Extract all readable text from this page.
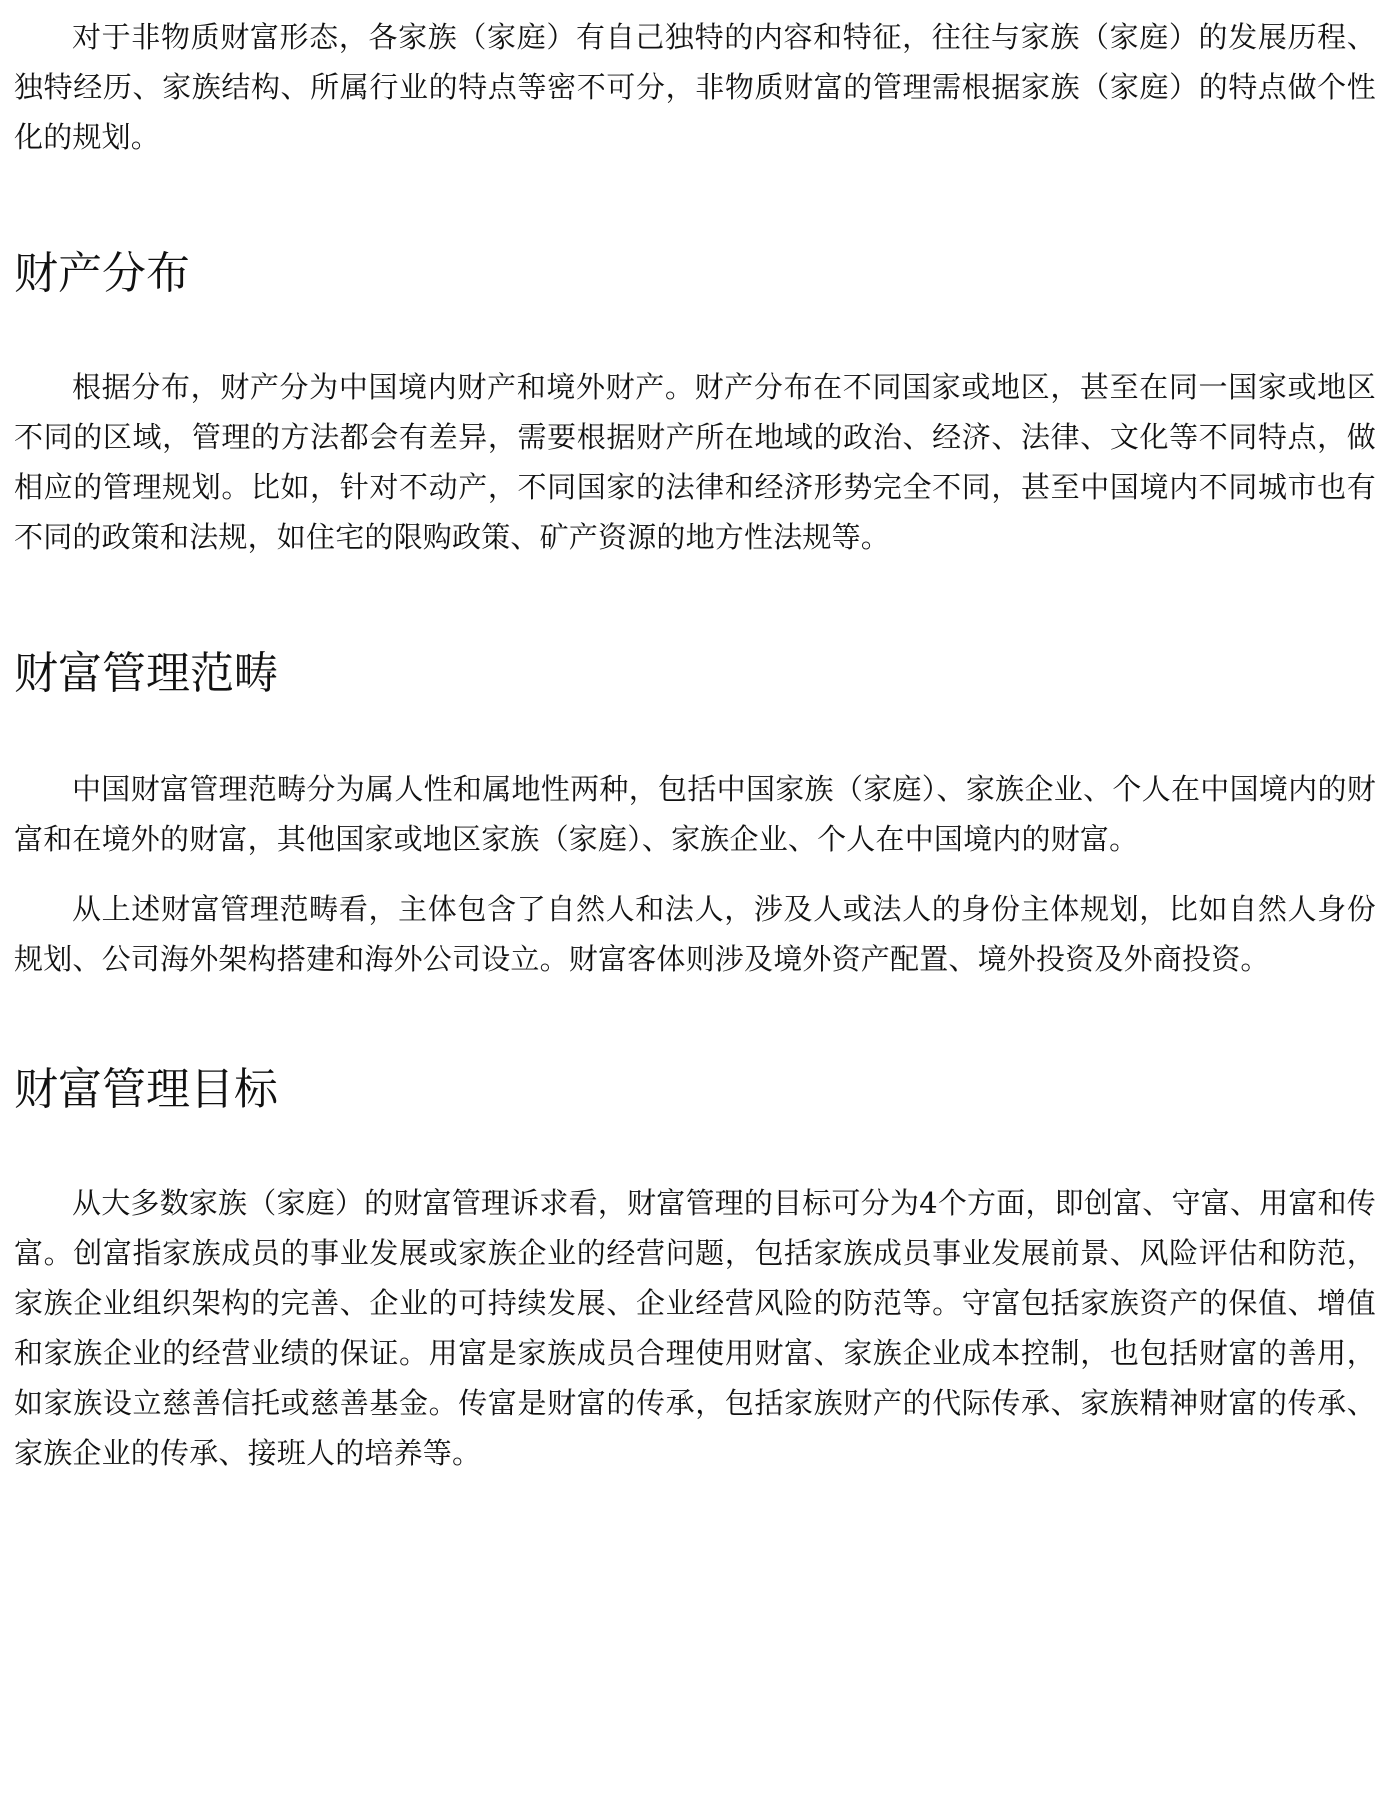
对于非物质财富形态，各家族（家庭）有自己独特的内容和特征，往往与家族（家庭）的发展历程、独特经历、家族结构、所属行业的特点等密不可分，非物质财富的管理需根据家族（家庭）的特点做个性化的规划。

财产分布

根据分布，财产分为中国境内财产和境外财产。财产分布在不同国家或地区，甚至在同一国家或地区不同的区域，管理的方法都会有差异，需要根据财产所在地域的政治、经济、法律、文化等不同特点，做相应的管理规划。比如，针对不动产，不同国家的法律和经济形势完全不同，甚至中国境内不同城市也有不同的政策和法规，如住宅的限购政策、矿产资源的地方性法规等。

财富管理范畴

中国财富管理范畴分为属人性和属地性两种，包括中国家族（家庭）、家族企业、个人在中国境内的财富和在境外的财富，其他国家或地区家族（家庭）、家族企业、个人在中国境内的财富。

从上述财富管理范畴看，主体包含了自然人和法人，涉及人或法人的身份主体规划，比如自然人身份规划、公司海外架构搭建和海外公司设立。财富客体则涉及境外资产配置、境外投资及外商投资。

财富管理目标

从大多数家族（家庭）的财富管理诉求看，财富管理的目标可分为4个方面，即创富、守富、用富和传富。创富指家族成员的事业发展或家族企业的经营问题，包括家族成员事业发展前景、风险评估和防范，家族企业组织架构的完善、企业的可持续发展、企业经营风险的防范等。守富包括家族资产的保值、增值和家族企业的经营业绩的保证。用富是家族成员合理使用财富、家族企业成本控制，也包括财富的善用，如家族设立慈善信托或慈善基金。传富是财富的传承，包括家族财产的代际传承、家族精神财富的传承、家族企业的传承、接班人的培养等。
